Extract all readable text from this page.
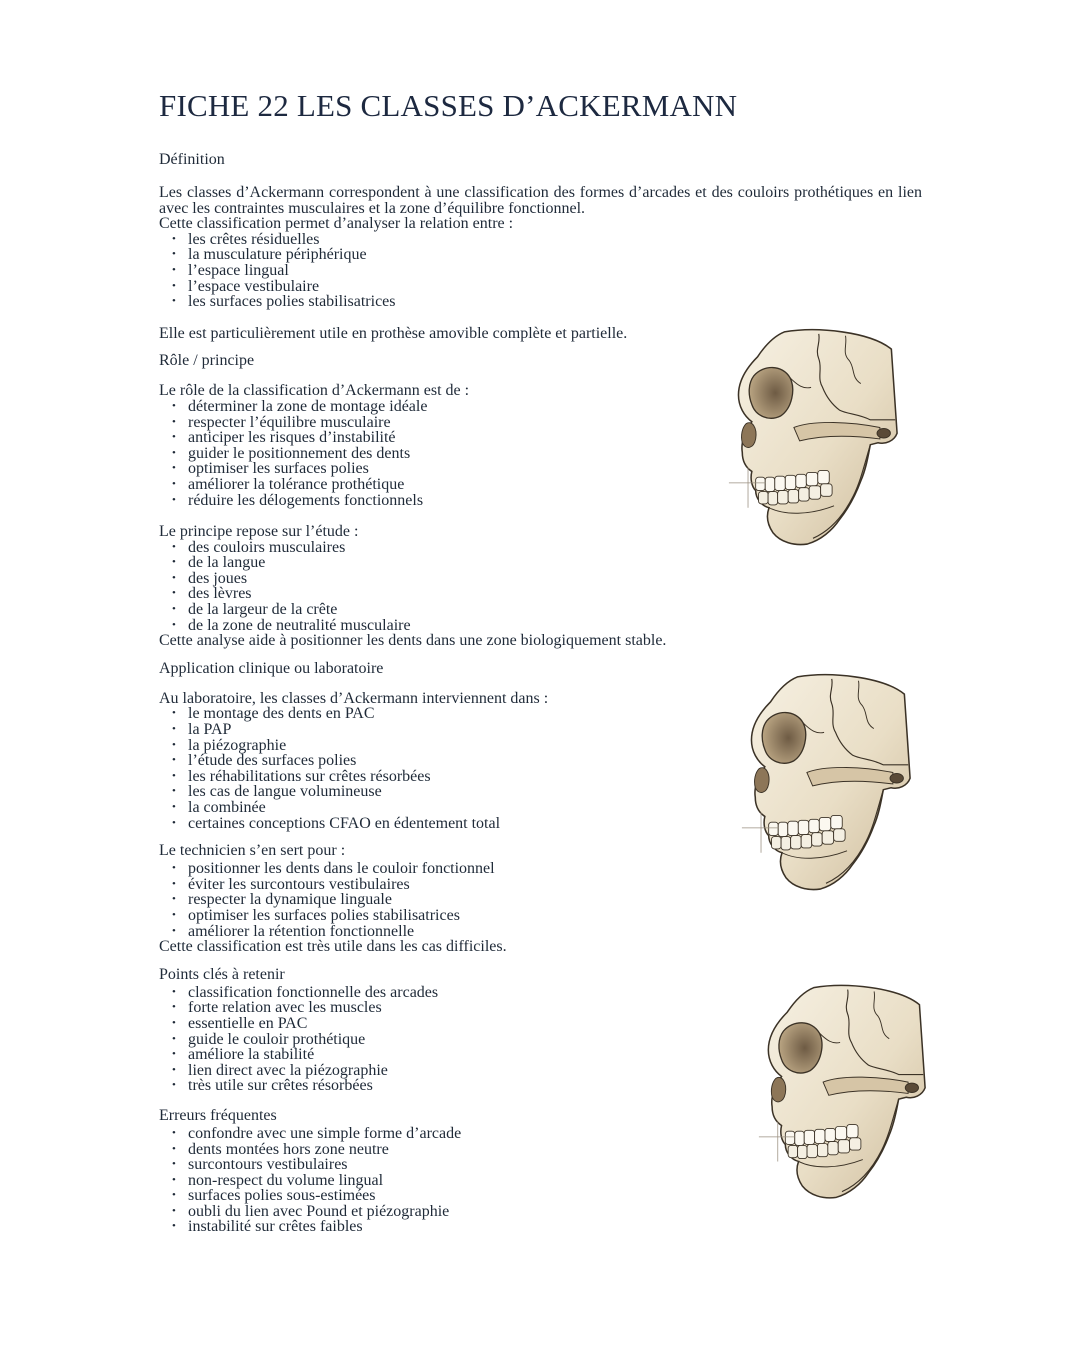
FICHE 22 LES CLASSES D’ACKERMANN
Définition

Les classes d’Ackermann correspondent à une classification des formes d’arcades et des couloirs prothétiques en lien avec les contraintes musculaires et la zone d’équilibre fonctionnel.

Cette classification permet d’analyser la relation entre :

• les crêtes résiduelles
• la musculature périphérique
• l’espace lingual
• l’espace vestibulaire
• les surfaces polies stabilisatrices

Elle est particulièrement utile en prothèse amovible complète et partielle.

Rôle / principe

Le rôle de la classification d’Ackermann est de :

• déterminer la zone de montage idéale
• respecter l’équilibre musculaire
• anticiper les risques d’instabilité
• guider le positionnement des dents
• optimiser les surfaces polies
• améliorer la tolérance prothétique
• réduire les délogements fonctionnels

Le principe repose sur l’étude :

• des couloirs musculaires
• de la langue
• des joues
• des lèvres
• de la largeur de la crête
• de la zone de neutralité musculaire

Cette analyse aide à positionner les dents dans une zone biologiquement stable.

Application clinique ou laboratoire

Au laboratoire, les classes d’Ackermann interviennent dans :

• le montage des dents en PAC
• la PAP
• la piézographie
• l’étude des surfaces polies
• les réhabilitations sur crêtes résorbées
• les cas de langue volumineuse
• la combinée
• certaines conceptions CFAO en édentement total
Le technicien s’en sert pour :
• positionner les dents dans le couloir fonctionnel
• éviter les surcontours vestibulaires
• respecter la dynamique linguale
• optimiser les surfaces polies stabilisatrices
• améliorer la rétention fonctionnelle

Cette classification est très utile dans les cas difficiles.

Points clés à retenir
• classification fonctionnelle des arcades
• forte relation avec les muscles
• essentielle en PAC
• guide le couloir prothétique
• améliore la stabilité
• lien direct avec la piézographie
• très utile sur crêtes résorbées
Erreurs fréquentes
• confondre avec une simple forme d’arcade
• dents montées hors zone neutre
• surcontours vestibulaires
• non-respect du volume lingual
• surfaces polies sous-estimées
• oubli du lien avec Pound et piézographie
• instabilité sur crêtes faibles
